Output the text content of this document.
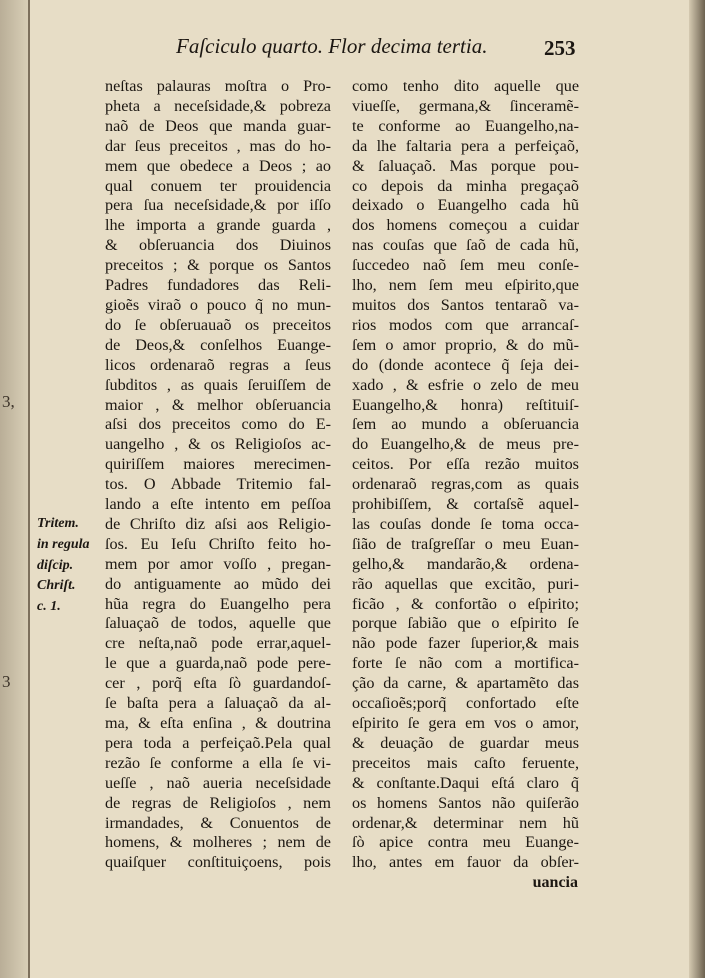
3,
3
Faſciculo quarto. Flor decima tertia.	253
Tritem.
in regula
diſcip.
Chriſt.
c. 1.
neſtas palauras moſtra o Pro-
pheta a neceſsidade,& pobreza
naõ de Deos que manda guar-
dar ſeus preceitos , mas do ho-
mem que obedece a Deos ; ao
qual conuem ter prouidencia
pera ſua neceſsidade,& por iſſo
lhe importa a grande guarda ,
& obſeruancia dos Diuinos
preceitos ; & porque os Santos
Padres fundadores das Reli-
gioẽs viraõ o pouco q̃ no mun-
do ſe obſeruauaõ os preceitos
de Deos,& conſelhos Euange-
licos ordenaraõ regras a ſeus
ſubditos , as quais ſeruiſſem de
maior , & melhor obſeruancia
aſsi dos preceitos como do E-
uangelho , & os Religioſos ac-
quiriſſem maiores merecimen-
tos. O Abbade Tritemio fal-
lando a eſte intento em peſſoa
de Chriſto diz aſsi aos Religio-
ſos. Eu Ieſu Chriſto feito ho-
mem por amor voſſo , pregan-
do antiguamente ao mũdo dei
hũa regra do Euangelho pera
ſaluaçaõ de todos, aquelle que
cre neſta,naõ pode errar,aquel-
le que a guarda,naõ pode pere-
cer , porq̃ eſta ſò guardandoſ-
ſe baſta pera a ſaluaçaõ da al-
ma, & eſta enſina , & doutrina
pera toda a perfeiçaõ.Pela qual
rezão ſe conforme a ella ſe vi-
ueſſe , naõ aueria neceſsidade
de regras de Religioſos , nem
irmandades, & Conuentos de
homens, & molheres ; nem de
quaiſquer conſtituiçoens, pois
como tenho dito aquelle que
viueſſe, germana,& ſinceramẽ-
te conforme ao Euangelho,na-
da lhe faltaria pera a perfeiçaõ,
& ſaluaçaõ. Mas porque pou-
co depois da minha pregaçaõ
deixado o Euangelho cada hũ
dos homens começou a cuidar
nas couſas que ſaõ de cada hũ,
ſuccedeo naõ ſem meu conſe-
lho, nem ſem meu eſpirito,que
muitos dos Santos tentaraõ va-
rios modos com que arrancaſ-
ſem o amor proprio, & do mũ-
do (donde acontece q̃ ſeja dei-
xado , & esfrie o zelo de meu
Euangelho,& honra) reſtituiſ-
ſem ao mundo a obſeruancia
do Euangelho,& de meus pre-
ceitos. Por eſſa rezão muitos
ordenaraõ regras,com as quais
prohibiſſem, & cortaſsẽ aquel-
las couſas donde ſe toma occa-
ſião de traſgreſſar o meu Euan-
gelho,& mandarão,& ordena-
rão aquellas que excitão, puri-
ficão , & confortão o eſpirito;
porque ſabião que o eſpirito ſe
não pode fazer ſuperior,& mais
forte ſe não com a mortifica-
ção da carne, & apartamẽto das
occaſioẽs;porq̃ confortado eſte
eſpirito ſe gera em vos o amor,
& deuação de guardar meus
preceitos mais caſto feruente,
& conſtante.Daqui eſtá claro q̃
os homens Santos não quiſerão
ordenar,& determinar nem hũ
ſò apice contra meu Euange-
lho, antes em fauor da obſer-
uancia
